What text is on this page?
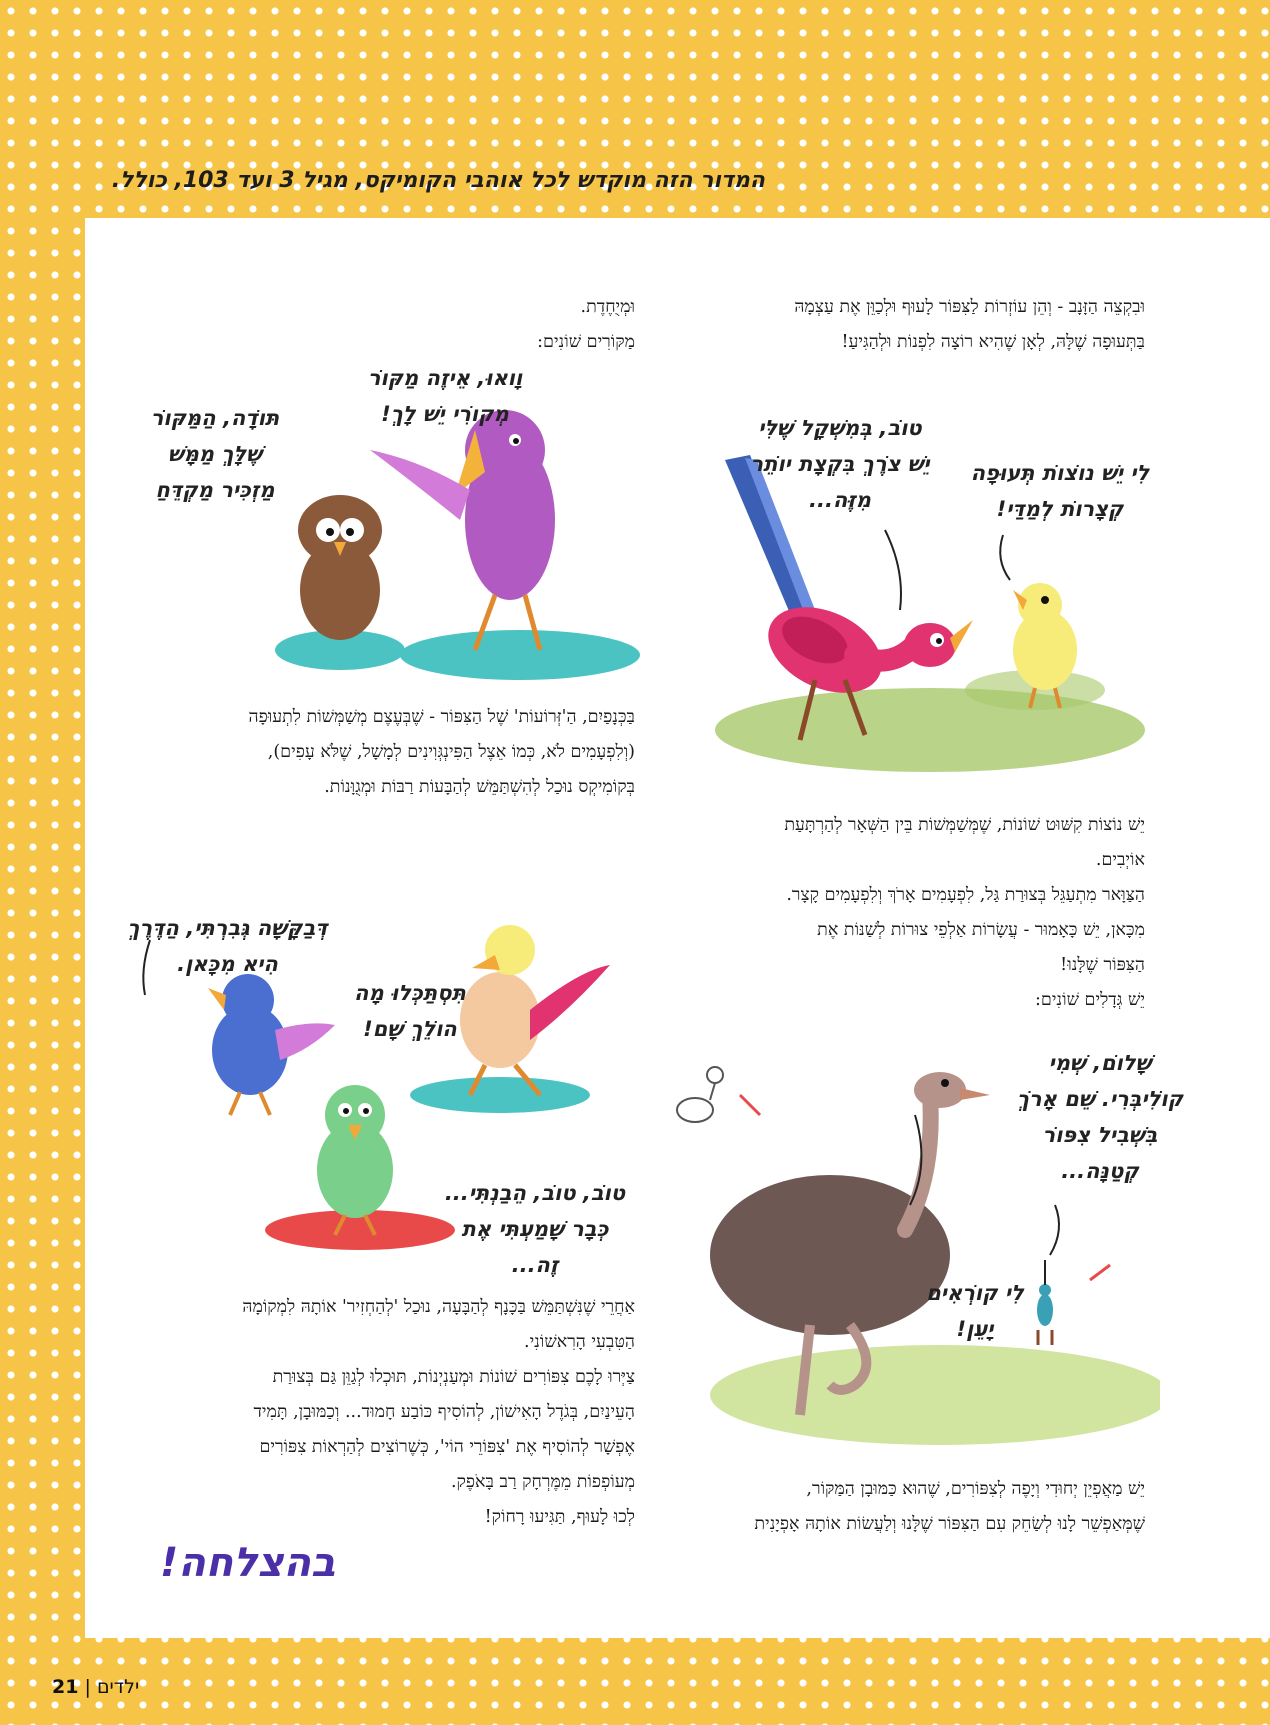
המדור הזה מוקדש לכל אוהבי הקומיקס, מגיל 3 ועד 103, כולל.

וּבִקְצֵה הַזָּנָב - וְהֵן עוֹזְרוֹת לַצִּפּוֹר לָעוּף וּלְכַוֵּן אֶת עַצְמָהּ

בַּתְּעוּפָה שֶׁלָּהּ, לְאָן שֶׁהִיא רוֹצָה לִפְנוֹת וּלְהַגִּיעַ!

יֵשׁ נוֹצוֹת קִשּׁוּט שׁוֹנוֹת, שֶׁמְּשַׁמְּשׁוֹת בֵּין הַשְּׁאָר לְהַרְתָּעַת

אוֹיְבִים.

הַצַּוָּאר מִתְעַגֵּל בְּצוּרַת גַּל, לִפְעָמִים אָרֹךְ וְלִפְעָמִים קָצָר.

מִכָּאן, יֵשׁ כָּאָמוּר - עֲשָׂרוֹת אַלְפֵי צוּרוֹת לְשַׁנּוֹת אֶת

הַצִּפּוֹר שֶׁלָּנוּ!

יֵשׁ גְּדָלִים שׁוֹנִים:

יֵשׁ מַאֲפְיֵן יְחוּדִי וְיָפֶה לְצִפּוֹרִים, שֶׁהוּא כַּמּוּבָן הַמַּקּוֹר,

שֶׁמְּאַפְשֵׁר לָנוּ לְשַׂחֵק עִם הַצִּפּוֹר שֶׁלָּנוּ וְלַעֲשׂוֹת אוֹתָהּ אָפְיָנִית

וּמְיֻחֶדֶת.

מַקּוֹרִים שׁוֹנִים:

בַּכְּנָפַיִם, הַ'זְּרוֹעוֹת' שֶׁל הַצִּפּוֹר - שֶׁבְּעֶצֶם מְשַׁמְּשׁוֹת לִתְעוּפָה

(וְלִפְעָמִים לֹא, כְּמוֹ אֵצֶל הַפִּינְגְּוִינִים לְמָשָׁל, שֶׁלֹּא עָפִים),

בְּקוֹמִיקְס נוּכַל לְהִשְׁתַּמֵּשׁ לְהַבָּעוֹת רַבּוֹת וּמְגֻוָּנוֹת.

אַחֲרֵי שֶׁנִּשְׁתַּמֵּשׁ בַּכָּנָף לְהַבָּעָה, נוּכַל 'לְהַחְזִיר' אוֹתָהּ לִמְקוֹמָהּ

הַטִּבְעִי הָרִאשׁוֹנִי.

צַיְּרוּ לָכֶם צִפּוֹרִים שׁוֹנוֹת וּמְעַנְיְנוֹת, תּוּכְלוּ לְגַוֵּן גַּם בְּצוּרַת

הָעֵינַיִם, בְּגֹדֶל הָאִישׁוֹן, לְהוֹסִיף כּוֹבַע חָמוּד... וְכַמּוּבָן, תָּמִיד

אֶפְשָׁר לְהוֹסִיף אֶת 'צִפּוֹרֵי הוֹי', כְּשֶׁרוֹצִים לְהַרְאוֹת צִפּוֹרִים

מְעוֹפְפוֹת מֵמֶּרְחָק רַב בָּאֹפֶק.

לְכוּ לָעוּף, תַּגִּיעוּ רָחוֹק!

לִי יֵשׁ נוֹצוֹת תְּעוּפָה
קְצָרוֹת לְמַדַּי!
טוֹב, בְּמִשְׁקָל שֶׁלִּי
יֵשׁ צֹרֶךְ בִּקְצָת יוֹתֵר
מִזֶּה...
וָואוּ, אֵיזֶה מַקּוֹר
מְקוֹרִי יֵשׁ לָךְ!
תּוֹדָה, הַמַּקּוֹר
שֶׁלָּךְ מַמָּשׁ
מַזְכִּיר מַקְדֵּחַ
תִּסְתַּכְּלוּ מָה
הוֹלֵךְ שָׁם!
דְּבַקָּשָׁה גְּבִרְתִּי, הַדֶּרֶךְ
הִיא מִכָּאן.
טוֹב, טוֹב, הֵבַנְתִּי...
כְּבָר שָׁמַעְתִּי אֶת
זֶה...
שָׁלוֹם, שְׁמִי
קוֹלִיבְּרִי. שֵׁם אָרֹךְ
בִּשְׁבִיל צִפּוֹר
קְטַנָּה...
לִי קוֹרְאִים
יָעֵן!
בהצלחה!
21 | ילדים
